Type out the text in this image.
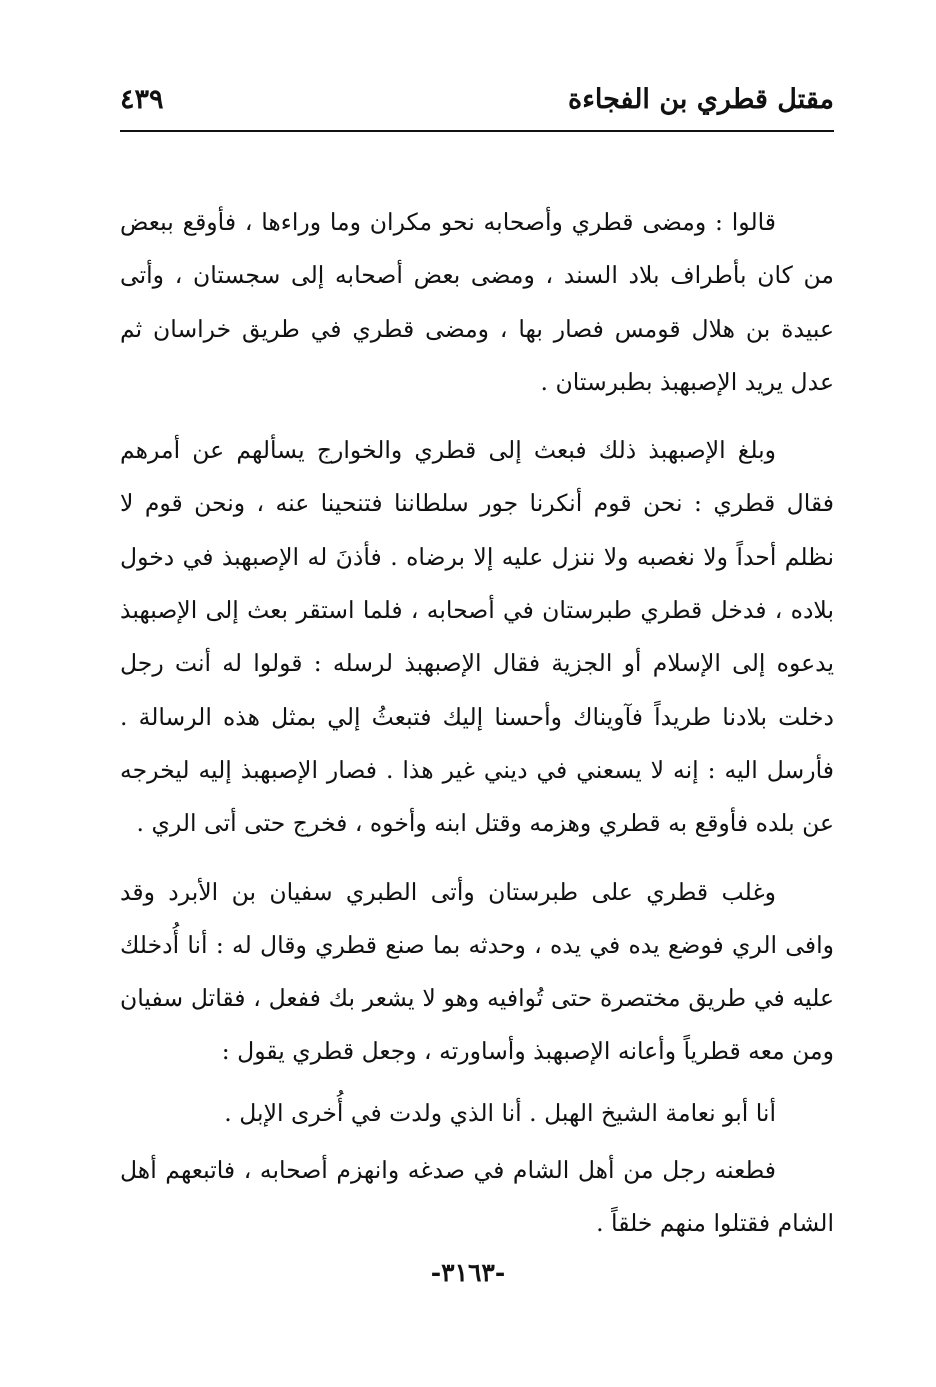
مقتل قطري بن الفجاءة
٤٣٩

قالوا : ومضى قطري وأصحابه نحو مكران وما وراءها ، فأوقع ببعض من كان بأطراف بلاد السند ، ومضى بعض أصحابه إلى سجستان ، وأتى عبيدة بن هلال قومس فصار بها ، ومضى قطري في طريق خراسان ثم عدل يريد الإصبهبذ بطبرستان .

وبلغ الإصبهبذ ذلك فبعث إلى قطري والخوارج يسألهم عن أمرهم فقال قطري : نحن قوم أنكرنا جور سلطاننا فتنحينا عنه ، ونحن قوم لا نظلم أحداً ولا نغصبه ولا ننزل عليه إلا برضاه . فأذنَ له الإصبهبذ في دخول بلاده ، فدخل قطري طبرستان في أصحابه ، فلما استقر بعث إلى الإصبهبذ يدعوه إلى الإسلام أو الجزية فقال الإصبهبذ لرسله : قولوا له أنت رجل دخلت بلادنا طريداً فآويناك وأحسنا إليك فتبعثُ إلي بمثل هذه الرسالة . فأرسل اليه : إنه لا يسعني في ديني غير هذا . فصار الإصبهبذ إليه ليخرجه عن بلده فأوقع به قطري وهزمه وقتل ابنه وأخوه ، فخرج حتى أتى الري .

وغلب قطري على طبرستان وأتى الطبري سفيان بن الأبرد وقد وافى الري فوضع يده في يده ، وحدثه بما صنع قطري وقال له : أنا أُدخلك عليه في طريق مختصرة حتى تُوافيه وهو لا يشعر بك ففعل ، فقاتل سفيان ومن معه قطرياً وأعانه الإصبهبذ وأساورته ، وجعل قطري يقول :

أنا أبو نعامة الشيخ الهبل . أنا الذي ولدت في أُخرى الإبل .

فطعنه رجل من أهل الشام في صدغه وانهزم أصحابه ، فاتبعهم أهل الشام فقتلوا منهم خلقاً .

-٣١٦٣-
